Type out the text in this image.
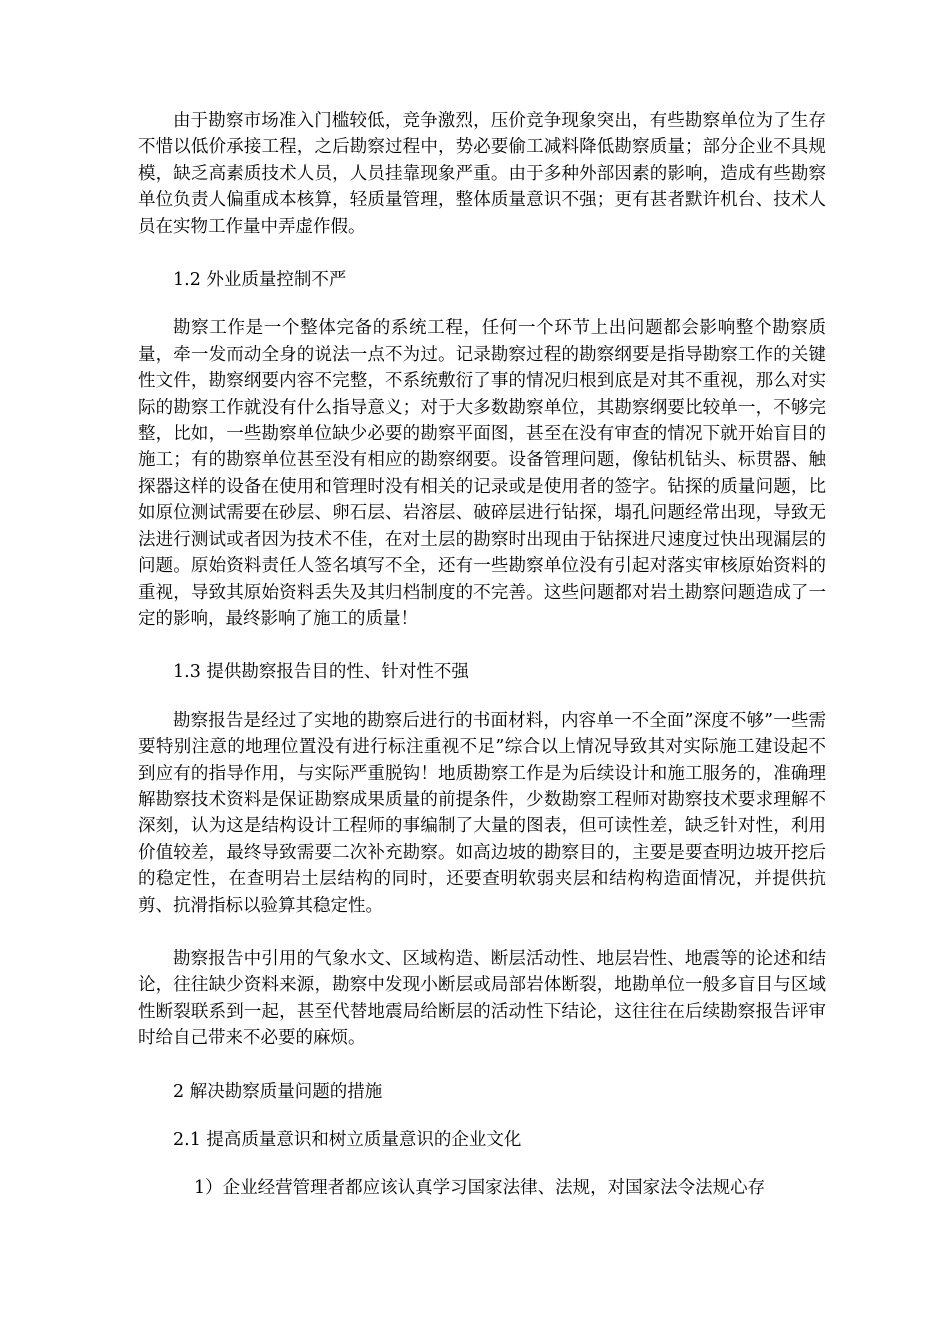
由于勘察市场准入门槛较低，竞争激烈，压价竞争现象突出，有些勘察单位为了生存不惜以低价承接工程，之后勘察过程中，势必要偷工减料降低勘察质量；部分企业不具规模，缺乏高素质技术人员，人员挂靠现象严重。由于多种外部因素的影响，造成有些勘察单位负责人偏重成本核算，轻质量管理，整体质量意识不强；更有甚者默许机台、技术人员在实物工作量中弄虚作假。

1.2 外业质量控制不严

勘察工作是一个整体完备的系统工程，任何一个环节上出问题都会影响整个勘察质量，牵一发而动全身的说法一点不为过。记录勘察过程的勘察纲要是指导勘察工作的关键性文件，勘察纲要内容不完整，不系统敷衍了事的情况归根到底是对其不重视，那么对实际的勘察工作就没有什么指导意义；对于大多数勘察单位，其勘察纲要比较单一，不够完整，比如，一些勘察单位缺少必要的勘察平面图，甚至在没有审查的情况下就开始盲目的施工；有的勘察单位甚至没有相应的勘察纲要。设备管理问题，像钻机钻头、标贯器、触探器这样的设备在使用和管理时没有相关的记录或是使用者的签字。钻探的质量问题，比如原位测试需要在砂层、卵石层、岩溶层、破碎层进行钻探，塌孔问题经常出现，导致无法进行测试或者因为技术不佳，在对土层的勘察时出现由于钻探进尺速度过快出现漏层的问题。原始资料责任人签名填写不全，还有一些勘察单位没有引起对落实审核原始资料的重视，导致其原始资料丢失及其归档制度的不完善。这些问题都对岩土勘察问题造成了一定的影响，最终影响了施工的质量！

1.3 提供勘察报告目的性、针对性不强

勘察报告是经过了实地的勘察后进行的书面材料，内容单一不全面”深度不够”一些需要特别注意的地理位置没有进行标注重视不足”综合以上情况导致其对实际施工建设起不到应有的指导作用，与实际严重脱钩！地质勘察工作是为后续设计和施工服务的，准确理解勘察技术资料是保证勘察成果质量的前提条件，少数勘察工程师对勘察技术要求理解不深刻，认为这是结构设计工程师的事编制了大量的图表，但可读性差，缺乏针对性，利用价值较差，最终导致需要二次补充勘察。如高边坡的勘察目的，主要是要查明边坡开挖后的稳定性，在查明岩土层结构的同时，还要查明软弱夹层和结构构造面情况，并提供抗剪、抗滑指标以验算其稳定性。

勘察报告中引用的气象水文、区域构造、断层活动性、地层岩性、地震等的论述和结论，往往缺少资料来源，勘察中发现小断层或局部岩体断裂，地勘单位一般多盲目与区域性断裂联系到一起，甚至代替地震局给断层的活动性下结论，这往往在后续勘察报告评审时给自己带来不必要的麻烦。

2 解决勘察质量问题的措施

2.1 提高质量意识和树立质量意识的企业文化

1）企业经营管理者都应该认真学习国家法律、法规，对国家法令法规心存
